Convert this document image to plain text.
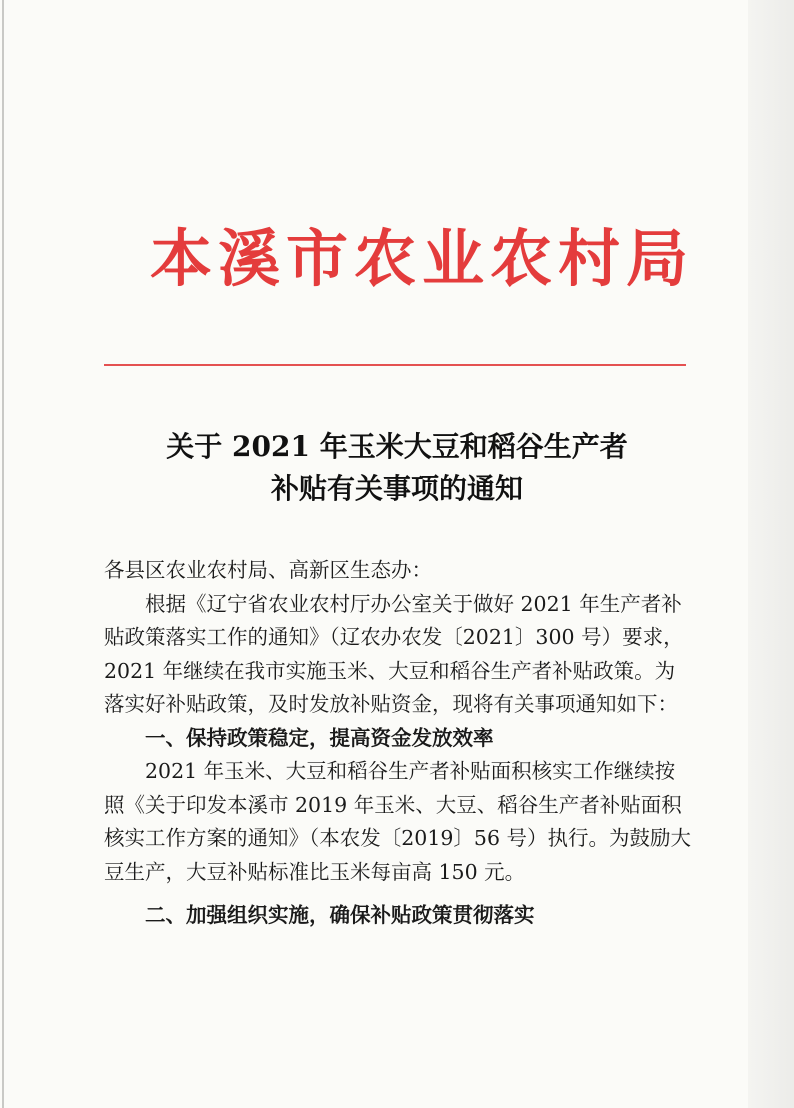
本溪市农业农村局
关于 2021 年玉米大豆和稻谷生产者
补贴有关事项的通知

各县区农业农村局、高新区生态办：

根据《辽宁省农业农村厅办公室关于做好 2021 年生产者补

贴政策落实工作的通知》（辽农办农发〔2021〕300 号）要求，

2021 年继续在我市实施玉米、大豆和稻谷生产者补贴政策。为

落实好补贴政策，及时发放补贴资金，现将有关事项通知如下：

一、保持政策稳定，提高资金发放效率

2021 年玉米、大豆和稻谷生产者补贴面积核实工作继续按

照《关于印发本溪市 2019 年玉米、大豆、稻谷生产者补贴面积

核实工作方案的通知》（本农发〔2019〕56 号）执行。为鼓励大

豆生产，大豆补贴标准比玉米每亩高 150 元。

二、加强组织实施，确保补贴政策贯彻落实
